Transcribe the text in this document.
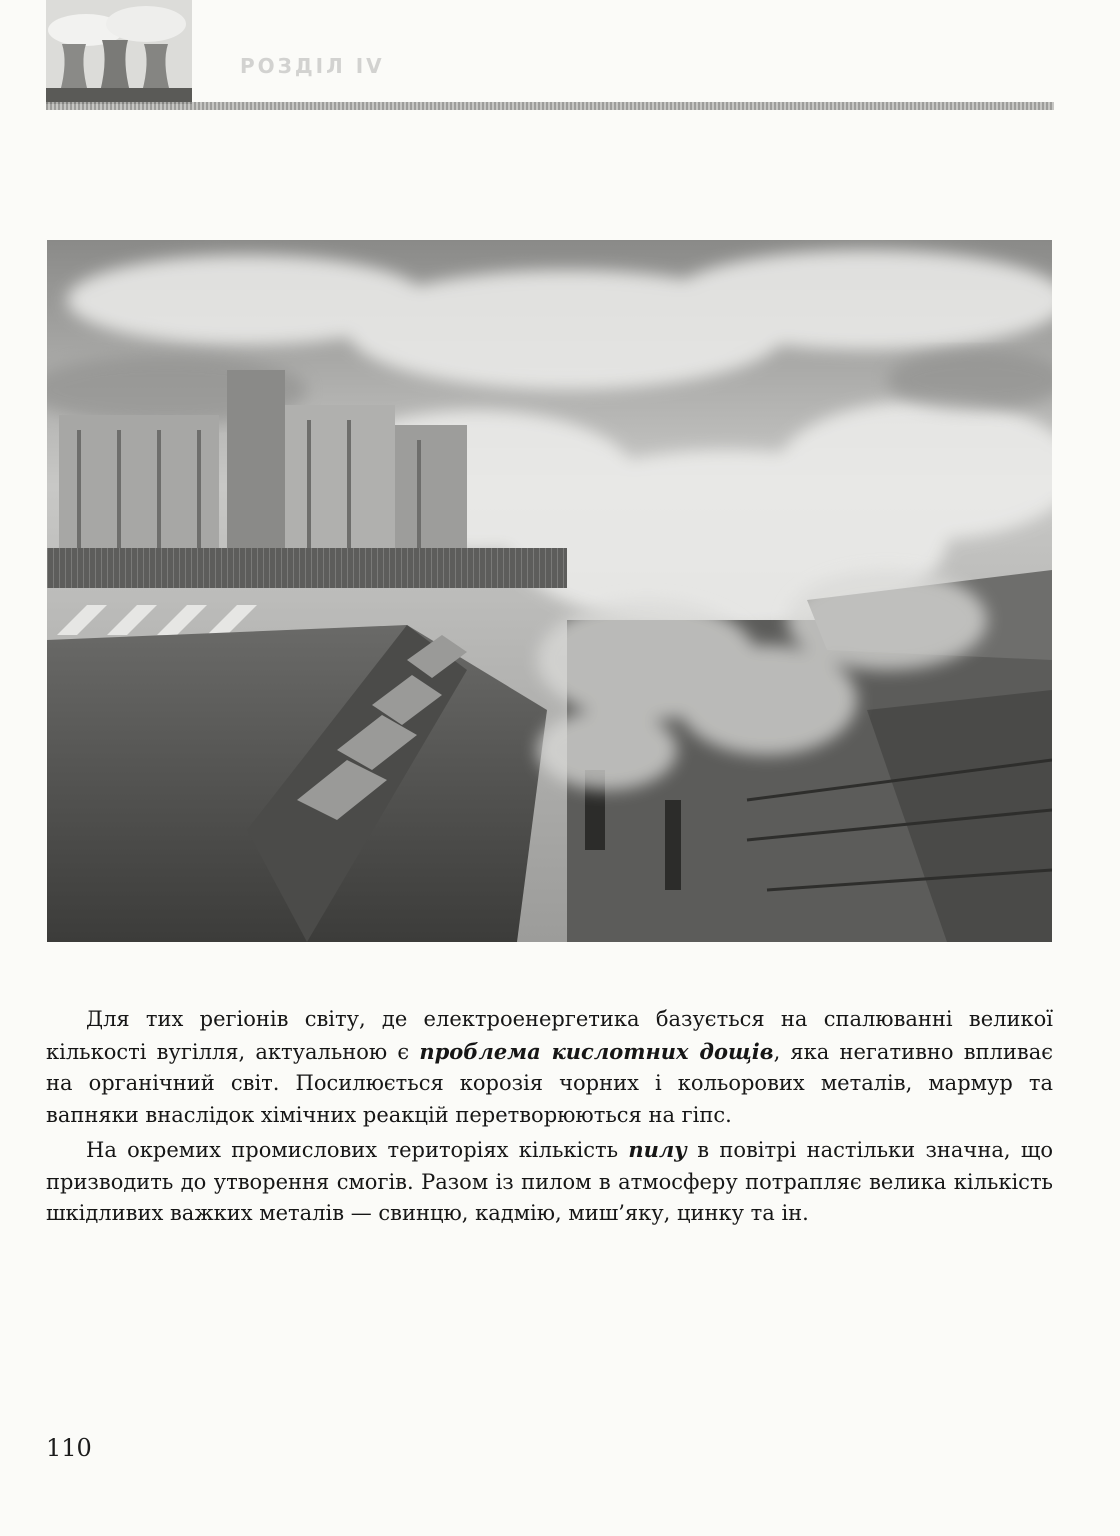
РОЗДІЛ IV

Для тих регіонів світу, де електроенергетика базується на спалюванні великої кількості вугілля, актуальною є проблема кислотних дощів, яка негативно впливає на органічний світ. Посилюється корозія чорних і кольорових металів, мармур та вапняки внаслідок хімічних реакцій перетворюються на гіпс.

На окремих промислових територіях кількість пилу в повітрі настільки значна, що призводить до утворення смогів. Разом із пилом в атмосферу потрапляє велика кількість шкідливих важких металів — свинцю, кадмію, миш’яку, цинку та ін.

110
